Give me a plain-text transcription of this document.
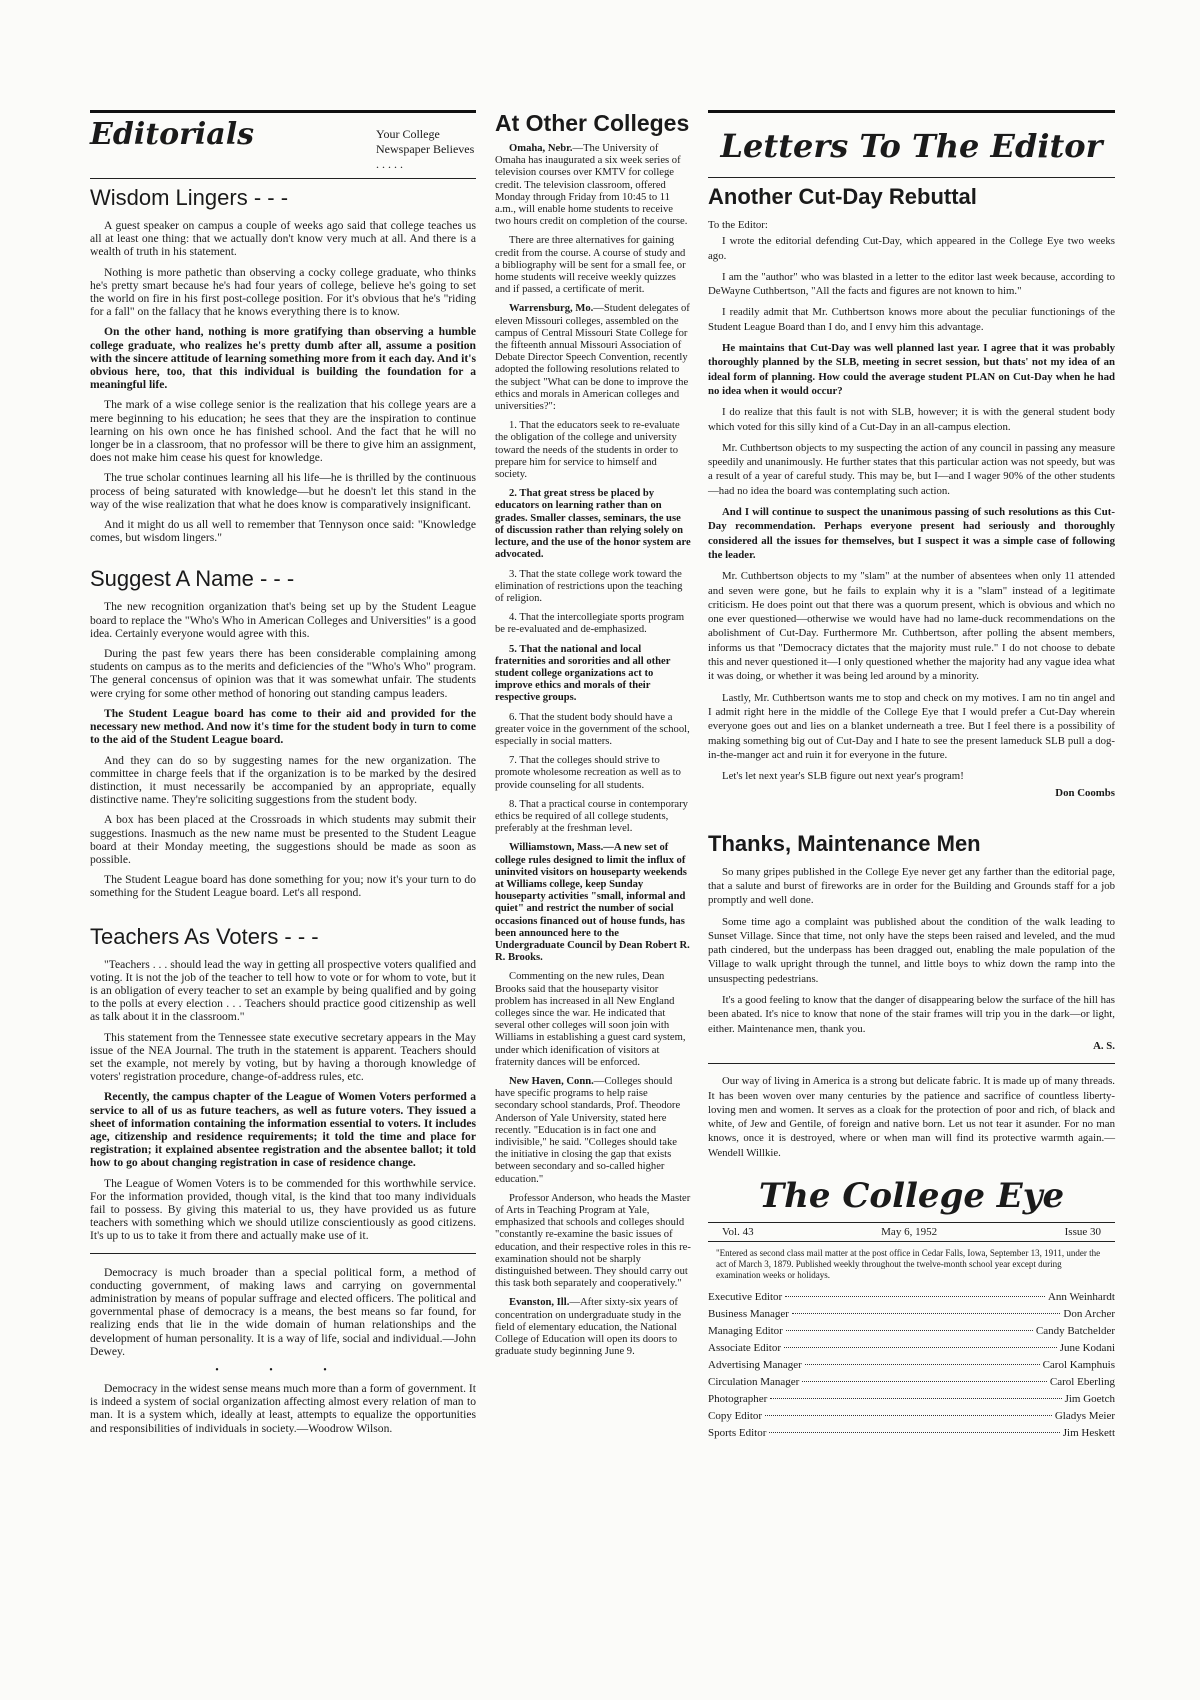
Editorials	Your College Newspaper Believes . . . . .
Wisdom Lingers - - -

A guest speaker on campus a couple of weeks ago said that college teaches us all at least one thing: that we actually don't know very much at all. And there is a wealth of truth in his statement.

Nothing is more pathetic than observing a cocky college graduate, who thinks he's pretty smart because he's had four years of college, believe he's going to set the world on fire in his first post-college position. For it's obvious that he's "riding for a fall" on the fallacy that he knows everything there is to know.

On the other hand, nothing is more gratifying than observing a humble college graduate, who realizes he's pretty dumb after all, assume a position with the sincere attitude of learning something more from it each day. And it's obvious here, too, that this individual is building the foundation for a meaningful life.

The mark of a wise college senior is the realization that his college years are a mere beginning to his education; he sees that they are the inspiration to continue learning on his own once he has finished school. And the fact that he will no longer be in a classroom, that no professor will be there to give him an assignment, does not make him cease his quest for knowledge.

The true scholar continues learning all his life—he is thrilled by the continuous process of being saturated with knowledge—but he doesn't let this stand in the way of the wise realization that what he does know is comparatively insignificant.

And it might do us all well to remember that Tennyson once said: "Knowledge comes, but wisdom lingers."

Suggest A Name - - -

The new recognition organization that's being set up by the Student League board to replace the "Who's Who in American Colleges and Universities" is a good idea. Certainly everyone would agree with this.

During the past few years there has been considerable complaining among students on campus as to the merits and deficiencies of the "Who's Who" program. The general concensus of opinion was that it was somewhat unfair. The students were crying for some other method of honoring out standing campus leaders.

The Student League board has come to their aid and provided for the necessary new method. And now it's time for the student body in turn to come to the aid of the Student League board.

And they can do so by suggesting names for the new organization. The committee in charge feels that if the organization is to be marked by the desired distinction, it must necessarily be accompanied by an appropriate, equally distinctive name. They're soliciting suggestions from the student body.

A box has been placed at the Crossroads in which students may submit their suggestions. Inasmuch as the new name must be presented to the Student League board at their Monday meeting, the suggestions should be made as soon as possible.

The Student League board has done something for you; now it's your turn to do something for the Student League board. Let's all respond.

Teachers As Voters - - -

"Teachers . . . should lead the way in getting all prospective voters qualified and voting. It is not the job of the teacher to tell how to vote or for whom to vote, but it is an obligation of every teacher to set an example by being qualified and by going to the polls at every election . . . Teachers should practice good citizenship as well as talk about it in the classroom."

This statement from the Tennessee state executive secretary appears in the May issue of the NEA Journal. The truth in the statement is apparent. Teachers should set the example, not merely by voting, but by having a thorough knowledge of voters' registration procedure, change-of-address rules, etc.

Recently, the campus chapter of the League of Women Voters performed a service to all of us as future teachers, as well as future voters. They issued a sheet of information containing the information essential to voters. It includes age, citizenship and residence requirements; it told the time and place for registration; it explained absentee registration and the absentee ballot; it told how to go about changing registration in case of residence change.

The League of Women Voters is to be commended for this worthwhile service. For the information provided, though vital, is the kind that too many individuals fail to possess. By giving this material to us, they have provided us as future teachers with something which we should utilize conscientiously as good citizens. It's up to us to take it from there and actually make use of it.

Democracy is much broader than a special political form, a method of conducting government, of making laws and carrying on governmental administration by means of popular suffrage and elected officers. The political and governmental phase of democracy is a means, the best means so far found, for realizing ends that lie in the wide domain of human relationships and the development of human personality. It is a way of life, social and individual.—John Dewey.

• • •

Democracy in the widest sense means much more than a form of government. It is indeed a system of social organization affecting almost every relation of man to man. It is a system which, ideally at least, attempts to equalize the opportunities and responsibilities of individuals in society.—Woodrow Wilson.

At Other Colleges

Omaha, Nebr.—The University of Omaha has inaugurated a six week series of television courses over KMTV for college credit. The television classroom, offered Monday through Friday from 10:45 to 11 a.m., will enable home students to receive two hours credit on completion of the course.

There are three alternatives for gaining credit from the course. A course of study and a bibliography will be sent for a small fee, or home students will receive weekly quizzes and if passed, a certificate of merit.

Warrensburg, Mo.—Student delegates of eleven Missouri colleges, assembled on the campus of Central Missouri State College for the fifteenth annual Missouri Association of Debate Director Speech Convention, recently adopted the following resolutions related to the subject "What can be done to improve the ethics and morals in American colleges and universities?":

1. That the educators seek to re-evaluate the obligation of the college and university toward the needs of the students in order to prepare him for service to himself and society.

2. That great stress be placed by educators on learning rather than on grades. Smaller classes, seminars, the use of discussion rather than relying solely on lecture, and the use of the honor system are advocated.

3. That the state college work toward the elimination of restrictions upon the teaching of religion.

4. That the intercollegiate sports program be re-evaluated and de-emphasized.

5. That the national and local fraternities and sororities and all other student college organizations act to improve ethics and morals of their respective groups.

6. That the student body should have a greater voice in the government of the school, especially in social matters.

7. That the colleges should strive to promote wholesome recreation as well as to provide counseling for all students.

8. That a practical course in contemporary ethics be required of all college students, preferably at the freshman level.

Williamstown, Mass.—A new set of college rules designed to limit the influx of uninvited visitors on houseparty weekends at Williams college, keep Sunday houseparty activities "small, informal and quiet" and restrict the number of social occasions financed out of house funds, has been announced here to the Undergraduate Council by Dean Robert R. R. Brooks.

Commenting on the new rules, Dean Brooks said that the houseparty visitor problem has increased in all New England colleges since the war. He indicated that several other colleges will soon join with Williams in establishing a guest card system, under which idenification of visitors at fraternity dances will be enforced.

New Haven, Conn.—Colleges should have specific programs to help raise secondary school standards, Prof. Theodore Anderson of Yale University, stated here recently. "Education is in fact one and indivisible," he said. "Colleges should take the initiative in closing the gap that exists between secondary and so-called higher education."

Professor Anderson, who heads the Master of Arts in Teaching Program at Yale, emphasized that schools and colleges should "constantly re-examine the basic issues of education, and their respective roles in this re-examination should not be sharply distinguished between. They should carry out this task both separately and cooperatively."

Evanston, Ill.—After sixty-six years of concentration on undergraduate study in the field of elementary education, the National College of Education will open its doors to graduate study beginning June 9.

Letters To The Editor
Another Cut-Day Rebuttal

To the Editor:

I wrote the editorial defending Cut-Day, which appeared in the College Eye two weeks ago.

I am the "author" who was blasted in a letter to the editor last week because, according to DeWayne Cuthbertson, "All the facts and figures are not known to him."

I readily admit that Mr. Cuthbertson knows more about the peculiar functionings of the Student League Board than I do, and I envy him this advantage.

He maintains that Cut-Day was well planned last year. I agree that it was probably thoroughly planned by the SLB, meeting in secret session, but thats' not my idea of an ideal form of planning. How could the average student PLAN on Cut-Day when he had no idea when it would occur?

I do realize that this fault is not with SLB, however; it is with the general student body which voted for this silly kind of a Cut-Day in an all-campus election.

Mr. Cuthbertson objects to my suspecting the action of any council in passing any measure speedily and unanimously. He further states that this particular action was not speedy, but was a result of a year of careful study. This may be, but I—and I wager 90% of the other students—had no idea the board was contemplating such action.

And I will continue to suspect the unanimous passing of such resolutions as this Cut-Day recommendation. Perhaps everyone present had seriously and thoroughly considered all the issues for themselves, but I suspect it was a simple case of following the leader.

Mr. Cuthbertson objects to my "slam" at the number of absentees when only 11 attended and seven were gone, but he fails to explain why it is a "slam" instead of a legitimate criticism. He does point out that there was a quorum present, which is obvious and which no one ever questioned—otherwise we would have had no lame-duck recommendations on the abolishment of Cut-Day. Furthermore Mr. Cuthbertson, after polling the absent members, informs us that "Democracy dictates that the majority must rule." I do not choose to debate this and never questioned it—I only questioned whether the majority had any vague idea what it was doing, or whether it was being led around by a minority.

Lastly, Mr. Cuthbertson wants me to stop and check on my motives. I am no tin angel and I admit right here in the middle of the College Eye that I would prefer a Cut-Day wherein everyone goes out and lies on a blanket underneath a tree. But I feel there is a possibility of making something big out of Cut-Day and I hate to see the present lameduck SLB pull a dog-in-the-manger act and ruin it for everyone in the future.

Let's let next year's SLB figure out next year's program!

Don Coombs

Thanks, Maintenance Men

So many gripes published in the College Eye never get any farther than the editorial page, that a salute and burst of fireworks are in order for the Building and Grounds staff for a job promptly and well done.

Some time ago a complaint was published about the condition of the walk leading to Sunset Village. Since that time, not only have the steps been raised and leveled, and the mud path cindered, but the underpass has been dragged out, enabling the male population of the Village to walk upright through the tunnel, and little boys to whiz down the ramp into the unsuspecting pedestrians.

It's a good feeling to know that the danger of disappearing below the surface of the hill has been abated. It's nice to know that none of the stair frames will trip you in the dark—or light, either. Maintenance men, thank you.

A. S.

Our way of living in America is a strong but delicate fabric. It is made up of many threads. It has been woven over many centuries by the patience and sacrifice of countless liberty-loving men and women. It serves as a cloak for the protection of poor and rich, of black and white, of Jew and Gentile, of foreign and native born. Let us not tear it asunder. For no man knows, once it is destroyed, where or when man will find its protective warmth again.—Wendell Willkie.

The College Eye
Vol. 43	May 6, 1952	Issue 30
"Entered as second class mail matter at the post office in Cedar Falls, Iowa, September 13, 1911, under the act of March 3, 1879. Published weekly throughout the twelve-month school year except during examination weeks or holidays.
Executive Editor	Ann Weinhardt
Business Manager	Don Archer
Managing Editor	Candy Batchelder
Associate Editor	June Kodani
Advertising Manager	Carol Kamphuis
Circulation Manager	Carol Eberling
Photographer	Jim Goetch
Copy Editor	Gladys Meier
Sports Editor	Jim Heskett
